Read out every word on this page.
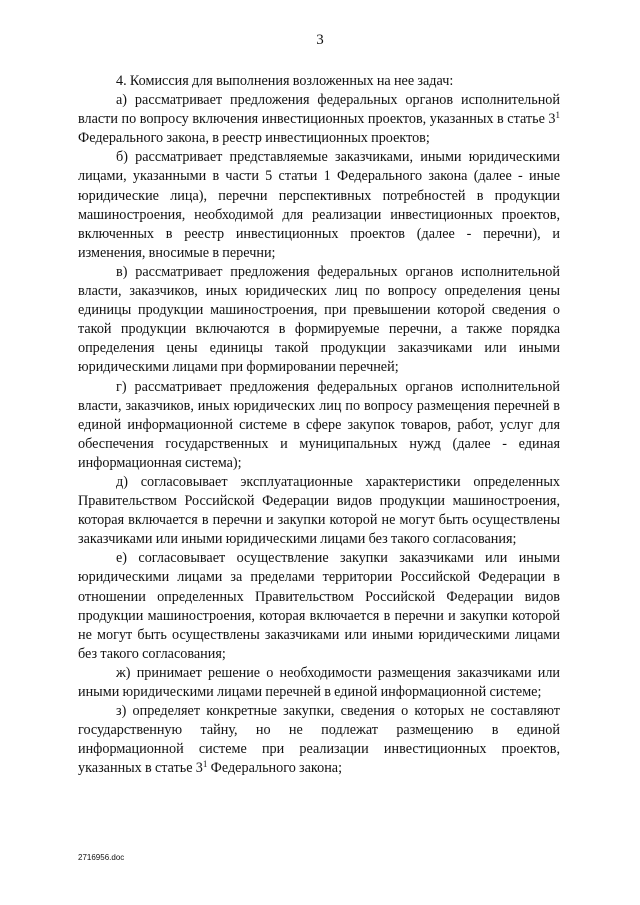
3

4. Комиссия для выполнения возложенных на нее задач:

а) рассматривает предложения федеральных органов исполнительной власти по вопросу включения инвестиционных проектов, указанных в статье $3^1$ Федерального закона, в реестр инвестиционных проектов;

б) рассматривает представляемые заказчиками, иными юридическими лицами, указанными в части 5 статьи 1 Федерального закона (далее - иные юридические лица), перечни перспективных потребностей в продукции машиностроения, необходимой для реализации инвестиционных проектов, включенных в реестр инвестиционных проектов (далее - перечни), и изменения, вносимые в перечни;

в) рассматривает предложения федеральных органов исполнительной власти, заказчиков, иных юридических лиц по вопросу определения цены единицы продукции машиностроения, при превышении которой сведения о такой продукции включаются в формируемые перечни, а также порядка определения цены единицы такой продукции заказчиками или иными юридическими лицами при формировании перечней;

г) рассматривает предложения федеральных органов исполнительной власти, заказчиков, иных юридических лиц по вопросу размещения перечней в единой информационной системе в сфере закупок товаров, работ, услуг для обеспечения государственных и муниципальных нужд (далее - единая информационная система);

д) согласовывает эксплуатационные характеристики определенных Правительством Российской Федерации видов продукции машиностроения, которая включается в перечни и закупки которой не могут быть осуществлены заказчиками или иными юридическими лицами без такого согласования;

е) согласовывает осуществление закупки заказчиками или иными юридическими лицами за пределами территории Российской Федерации в отношении определенных Правительством Российской Федерации видов продукции машиностроения, которая включается в перечни и закупки которой не могут быть осуществлены заказчиками или иными юридическими лицами без такого согласования;

ж) принимает решение о необходимости размещения заказчиками или иными юридическими лицами перечней в единой информационной системе;

з) определяет конкретные закупки, сведения о которых не составляют государственную тайну, но не подлежат размещению в единой информационной системе при реализации инвестиционных проектов, указанных в статье $3^1$ Федерального закона;

2716956.doc
